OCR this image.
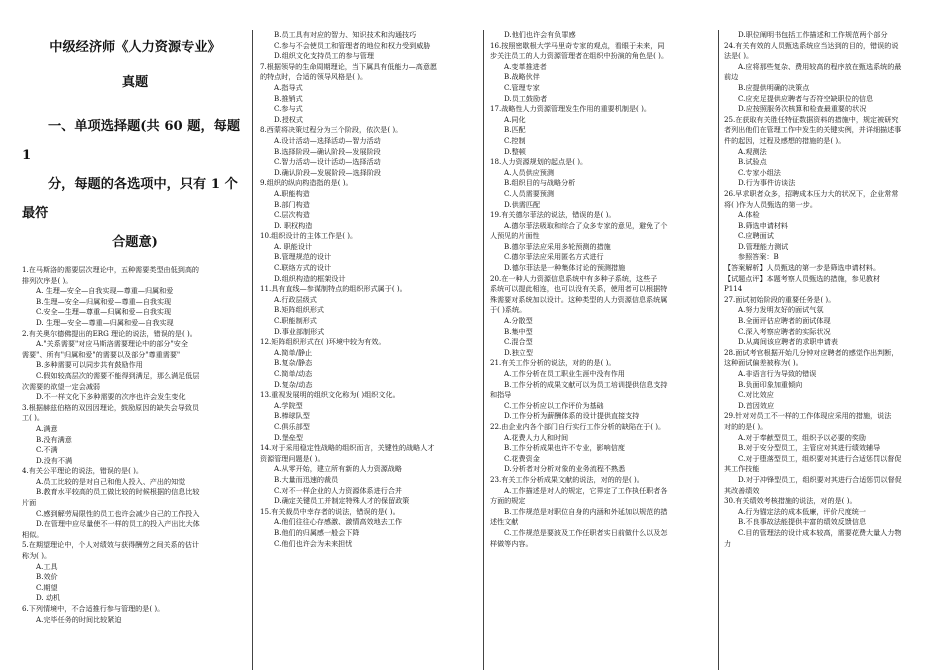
中级经济师《人力资源专业》
真题
一、单项选择题(共 60 题，每题 1
分，每题的各选项中，只有 1 个最符
合题意)

1.在马斯洛的需要层次理论中，五种需要类型由低到高的

排列次序是( )。

A. 生理—安全—自我实现—尊重—归属和爱

B.生理—安全—归属和爱—尊重—自我实现

C.安全—生理—尊重—归属和爱—自我实现

D. 生理—安全—尊重—归属和爱—自我实现

2.有关奥尔德佛提出的ERG 理论的说法，错误的是( )。

A."关系需要"对应马斯洛需要理论中的部分"安全

需要"、所有"归属和爱"的需要以及部分"尊重需要"

B.多种需要可以同步共有鼓励作用

C.假如较高层次的需要不能得到满足，那么满足低层

次需要的欲望一定会减弱

D.不一样文化下多种需要的次序也许会发生变化

3.根据赫兹伯格的双因因理论，鼓励原因的缺失会导致员

工( )。

A.满意

B.没有满意

C.不满

D.没有不满

4.有关公平理论的说法，错误的是( )。

A.员工比较的是对自己和他人投入、产出的知觉

B.教育水平较高的员工做比较的时候根据的信息比较

片面

C.感到解劳局限性的员工也许会减少自己的工作投入

D.在管理中应尽量使不一样的员工的投入产出比大体

相似。

5.在期望理论中，个人对绩效与获得酬劳之间关系的估计

称为( )。

A.工具

B.效价

C.期望

D. 动机

6.下列情境中，不合适推行参与管理的是( )。

A.完毕任务的时间比较紧迫

B.员工具有对应的智力、知识技术和沟通技巧

C.参与不会使员工和管理者的地位和权力受到威胁

D.组织文化支持员工的参与管理

7.根据领导的生命周期理论，当下属具有低能力—高意愿

的特点时，合适的领导风格是( )。

A.指导式

B.推销式

C.参与式

D.授权式

8.西蒙将决策过程分为三个阶段，依次是( )。

A.设计活动—选择活动—智力活动

B.选择阶段—确认阶段—发展阶段

C.智力活动—设计活动—选择活动

D.确认阶段—发展阶段—选择阶段

9.组织的纵向构造指的是( )。

A.职能构造

B.部门构造

C.层次构造

D. 职权构造

10.组织设计的主体工作是( )。

A. 职能设计

B.管理规范的设计

C.联络方式的设计

D.组织构造的框架设计

11.具有直线—参谋制特点的组织形式属于( )。

A.行政层级式

B.矩阵组织形式

C.职能制形式

D.事业部制形式

12.矩阵组织形式在( )环境中较为有效。

A.简单/静止

B.复杂/静态

C.简单/动态

D.复杂/动态

13.重视发展明的组织文化称为( )组织文化。

A.学院型

B.棒球队型

C.俱乐部型

D.堡垒型

14.对于采用稳定性战略的组织而言，关键性的战略人才

资源管理问题是( )。

A.从零开始，建立所有新的人力资源战略

B.大量而迅速的裁员

C.对不一样企业的人力资源体系进行合并

D.确定关键员工并制定特殊人才的保留政策

15.有关裁员中幸存者的说法，错误的是( )。

A.他们往往心存感激、激情高效地去工作

B.他们的归属感一般会下降

C.他们也许会为未来担忧

D.他们也许会有负罪感

16.按照密歇根大学马里奇专家的观点，看眼于未来，同

步关注员工的人力资源管理者在组织中扮演的角色是( )。

A.变革推进者

B.战略伙伴

C.管理专家

D.员工鼓励者

17.战略性人力资源管理发生作用的重要机制是( )。

A.同化

B.匹配

C.控制

D.整顿

18.人力资源规划的起点是( )。

A.人员供应预测

B.组织目的与战略分析

C.人员需要预测

D.供需匹配

19.有关德尔菲法的说法，错误的是( )。

A.德尔菲法吸取和综合了众多专家的意见，避免了个

人预见的片面性

B.德尔菲法应采用多轮预测的措施

C.德尔菲法应采用匿名方式进行

D.德尔菲法是一种集体讨论的预测措施

20.在一种人力资源信息系统中有多种子系统，这些子

系统可以提此相连，也可以没有关系，使用者可以根据特

殊需要对系统加以设计。这种类型的人力资源信息系统属

于( )系统。

A.分散型

B.集中型

C.混合型

D.独立型

21.有关工作分析的说法，对的的是( )。

A.工作分析在员工职业生涯中没有作用

B.工作分析的成果文献可以为员工培训提供信息支持

和指导

C.工作分析应以工作评价为基础

D.工作分析为薪酬体系的设计提供直接支持

22.由企业内各个部门自行实行工作分析的缺陷在于( )。

A.花费人力人和时间

B.工作分析成果也许不专业，影响信度

C.花费资金

D.分析者对分析对象的业务流程不熟悉

23.有关工作分析成果文献的说法，对的的是( )。

A.工作描述是对人的规定，它界定了工作执任职者各

方面的规定

B.工作规范是对职位自身的内涵和外延加以规范的措

述性文献

C.工作规范是要波及工作任职者实日前做什么以及怎

样做等内容。

D.职位阐明书包括工作描述和工作规范两个部分

24.有关有效的人员甄选系统应当达到的目的，错误的说

法是( )。

A.应将那些复杂、费用较高的程序放在甄选系统的最

前边

B.应提供明确的决策点

C.应充足提供应聘者与否符空缺职位的信息

D.应按照服务次核算和检查最重要的状况

25.在获取有关胜任特征数据资料的措施中，规定被研究

者列出他们在管理工作中发生的关键实例，并详细描述事

件的起因，过程及感想的措施的是( )。

A.观测法

B.试验点

C.专家小组法

D.行为事件访谈法

26.早求职者众多，招聘成本压力大的状况下，企业常常

将( )作为人员甄选的第一步。

A.体检

B.筛选申请材料

C.应聘面试

D.管理能力测试

参照答案：B

【答案解析】人员甄选的第一步是筛选申请材料。

【试题点评】本题考察人员甄选的措施，参见教材

P114

27.面试初始阶段的重要任务是( )。

A.努力发明友好的面试气氛

B.全面评估应聘者的面试体现

C.深入考察应聘者的实际状况

D.从离间该应聘者的求职申请表

28.面试考官根据开始几分钟对应聘者的感觉作出判断，

这种面试偏差被称为( )。

A.非语言行为导致的错误

B.负面印象加重倾向

C.对比效应

D.首因效应

29.针对对员工不一样的工作体现应采用的措施，说法

对的的是( )。

A.对于奉献型员工，组织予以必要的奖励

B.对于安分型员工，主管应对其进行绩效辅导

C.对于堕落型员工，组织要对其进行合适惩罚以督促

其工作技能

D.对于冲锋型员工，组织要对其进行合适惩罚以督促

其改善绩效

30.有关绩效考核措施的说法，对的是( )。

A.行为锚定法的成本低廉，评价尺度统一

B.不良事故法能提供丰富的绩效反馈信息

C.目的管理法的设计成本较高，需要花费大量人力物

力
